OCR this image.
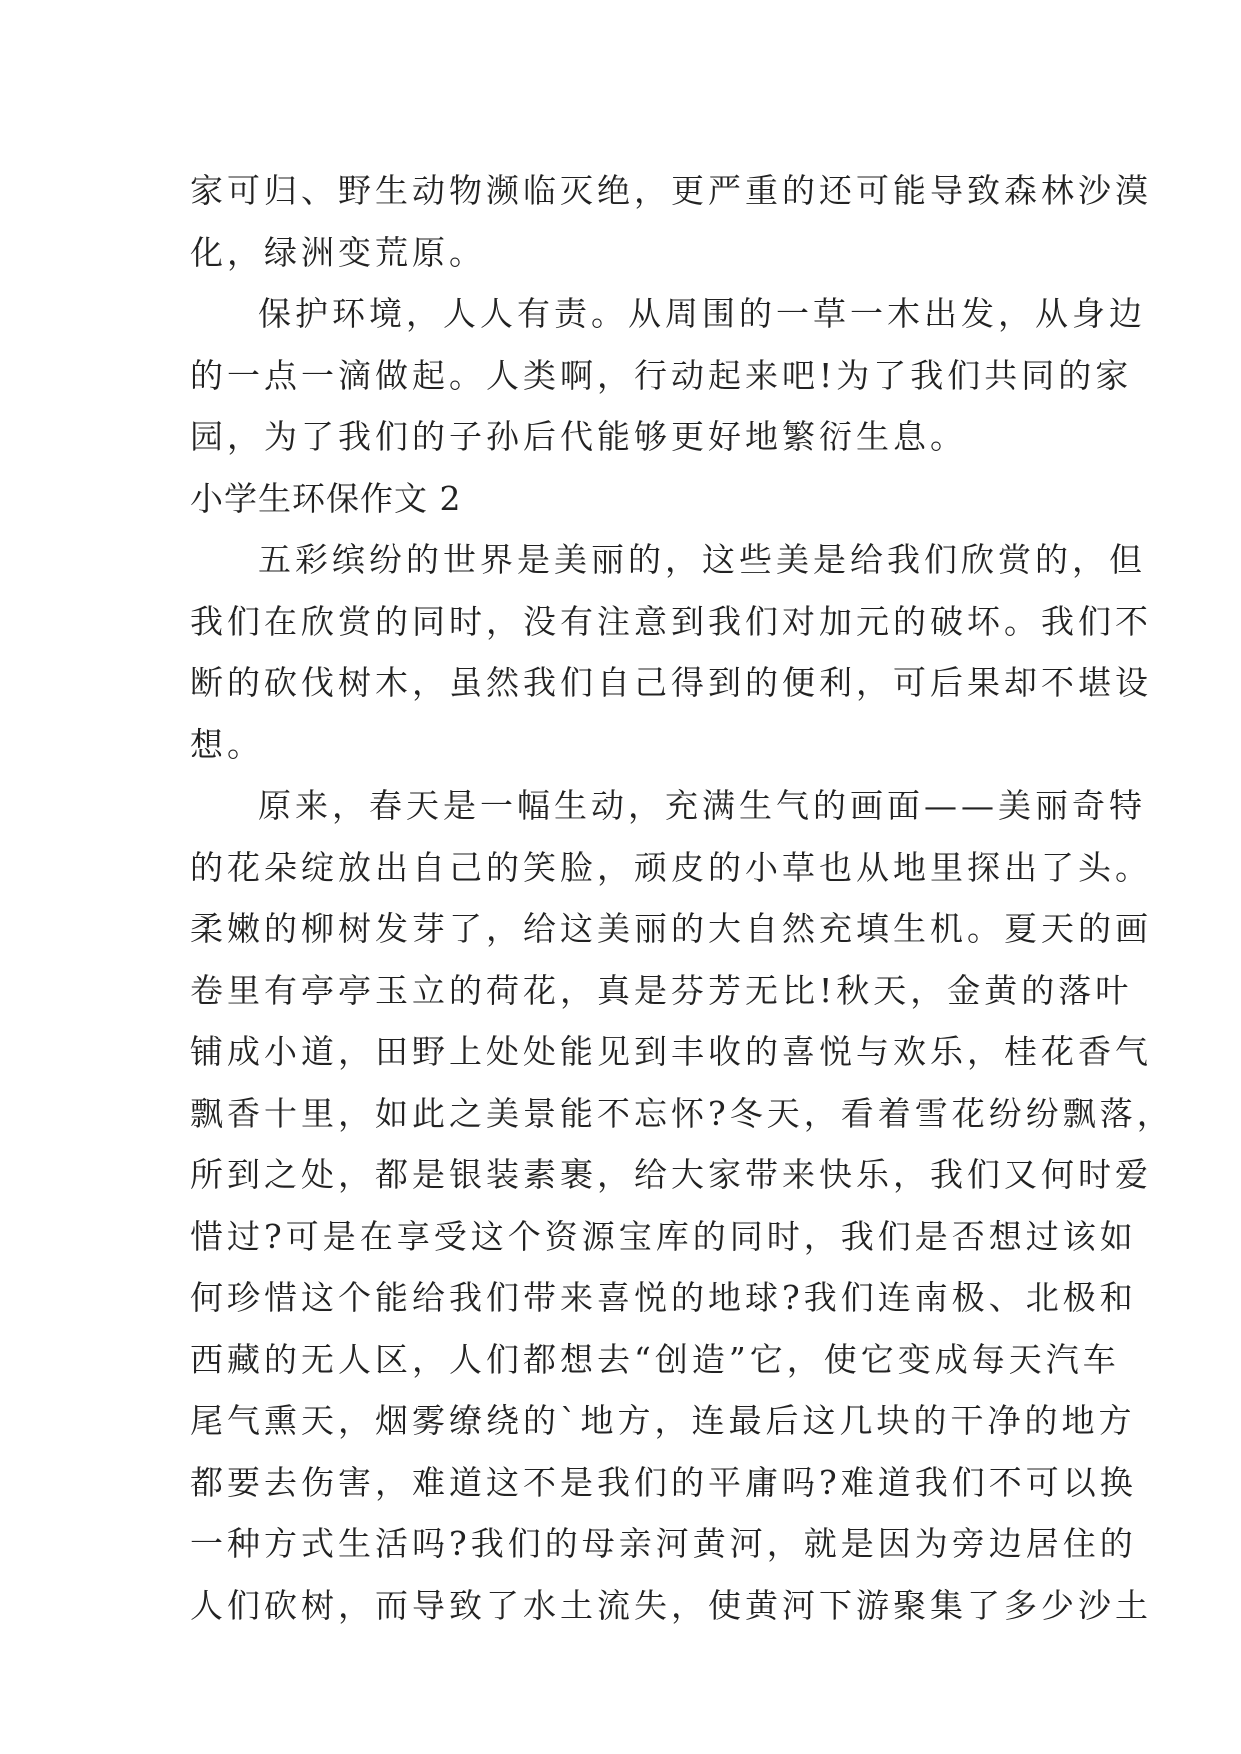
家可归、野生动物濒临灭绝，更严重的还可能导致森林沙漠
化，绿洲变荒原。
保护环境，人人有责。从周围的一草一木出发，从身边
的一点一滴做起。人类啊，行动起来吧!为了我们共同的家
园，为了我们的子孙后代能够更好地繁衍生息。
小学生环保作文 2
五彩缤纷的世界是美丽的，这些美是给我们欣赏的，但
我们在欣赏的同时，没有注意到我们对加元的破坏。我们不
断的砍伐树木，虽然我们自己得到的便利，可后果却不堪设
想。
原来，春天是一幅生动，充满生气的画面——美丽奇特
的花朵绽放出自己的笑脸，顽皮的小草也从地里探出了头。
柔嫩的柳树发芽了，给这美丽的大自然充填生机。夏天的画
卷里有亭亭玉立的荷花，真是芬芳无比!秋天，金黄的落叶
铺成小道，田野上处处能见到丰收的喜悦与欢乐，桂花香气
飘香十里，如此之美景能不忘怀?冬天，看着雪花纷纷飘落，
所到之处，都是银装素裹，给大家带来快乐，我们又何时爱
惜过?可是在享受这个资源宝库的同时，我们是否想过该如
何珍惜这个能给我们带来喜悦的地球?我们连南极、北极和
西藏的无人区，人们都想去“创造”它，使它变成每天汽车
尾气熏天，烟雾缭绕的`地方，连最后这几块的干净的地方
都要去伤害，难道这不是我们的平庸吗?难道我们不可以换
一种方式生活吗?我们的母亲河黄河，就是因为旁边居住的
人们砍树，而导致了水土流失，使黄河下游聚集了多少沙土
